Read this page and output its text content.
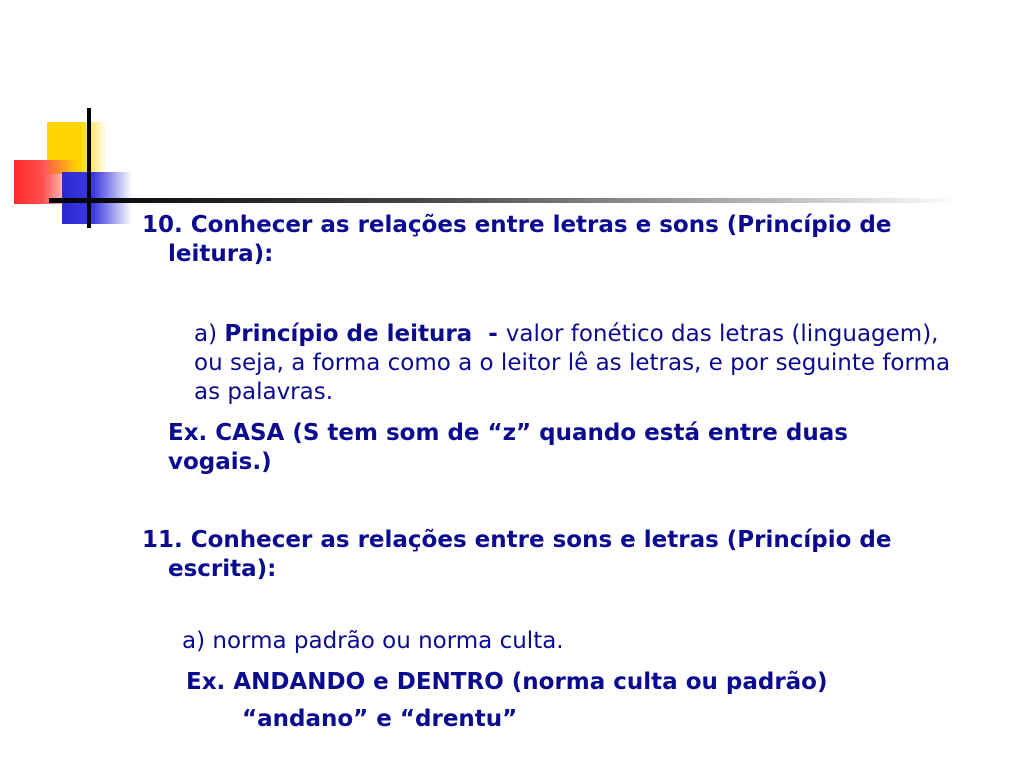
10. Conhecer as relações entre letras e sons (Princípio de leitura):
a) Princípio de leitura  - valor fonético das letras (linguagem), ou seja, a forma como a o leitor lê as letras, e por seguinte forma as palavras.
Ex. CASA (S tem som de “z” quando está entre duas vogais.)
11. Conhecer as relações entre sons e letras (Princípio de escrita):
a) norma padrão ou norma culta.
Ex. ANDANDO e DENTRO (norma culta ou padrão)
“andano” e “drentu”
